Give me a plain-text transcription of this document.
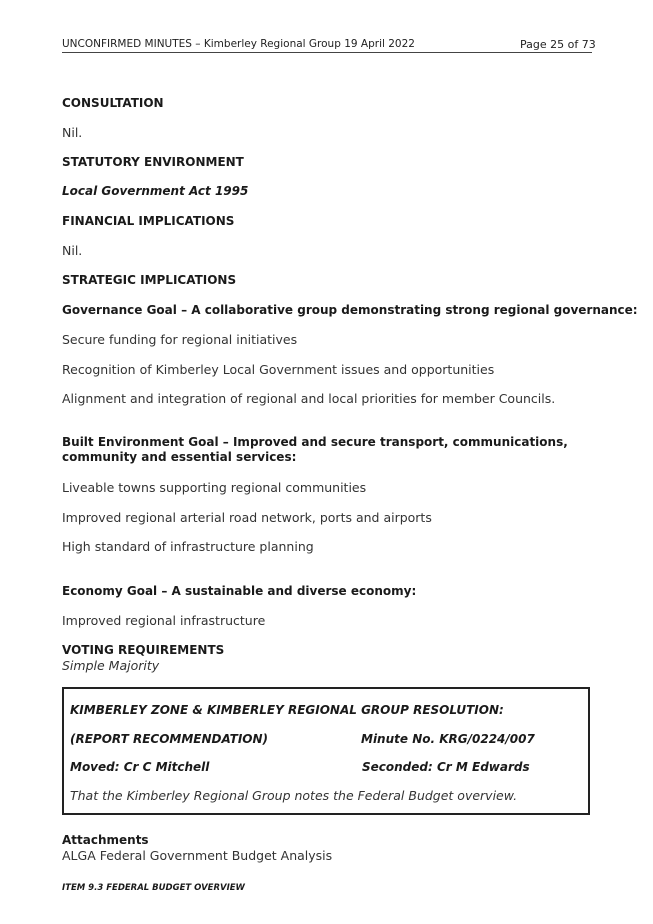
UNCONFIRMED MINUTES – Kimberley Regional Group 19 April 2022	Page 25 of 73
CONSULTATION
Nil.
STATUTORY ENVIRONMENT
Local Government Act 1995
FINANCIAL IMPLICATIONS
Nil.
STRATEGIC IMPLICATIONS
Governance Goal – A collaborative group demonstrating strong regional governance:
Secure funding for regional initiatives
Recognition of Kimberley Local Government issues and opportunities
Alignment and integration of regional and local priorities for member Councils.
Built Environment Goal – Improved and secure transport, communications, community and essential services:
Liveable towns supporting regional communities
Improved regional arterial road network, ports and airports
High standard of infrastructure planning
Economy Goal – A sustainable and diverse economy:
Improved regional infrastructure
VOTING REQUIREMENTS
Simple Majority
KIMBERLEY ZONE & KIMBERLEY REGIONAL GROUP RESOLUTION:
(REPORT RECOMMENDATION)	Minute No. KRG/0224/007
Moved: Cr C Mitchell	Seconded: Cr M Edwards
That the Kimberley Regional Group notes the Federal Budget overview.
Attachments
ALGA Federal Government Budget Analysis
ITEM 9.3 FEDERAL BUDGET OVERVIEW
